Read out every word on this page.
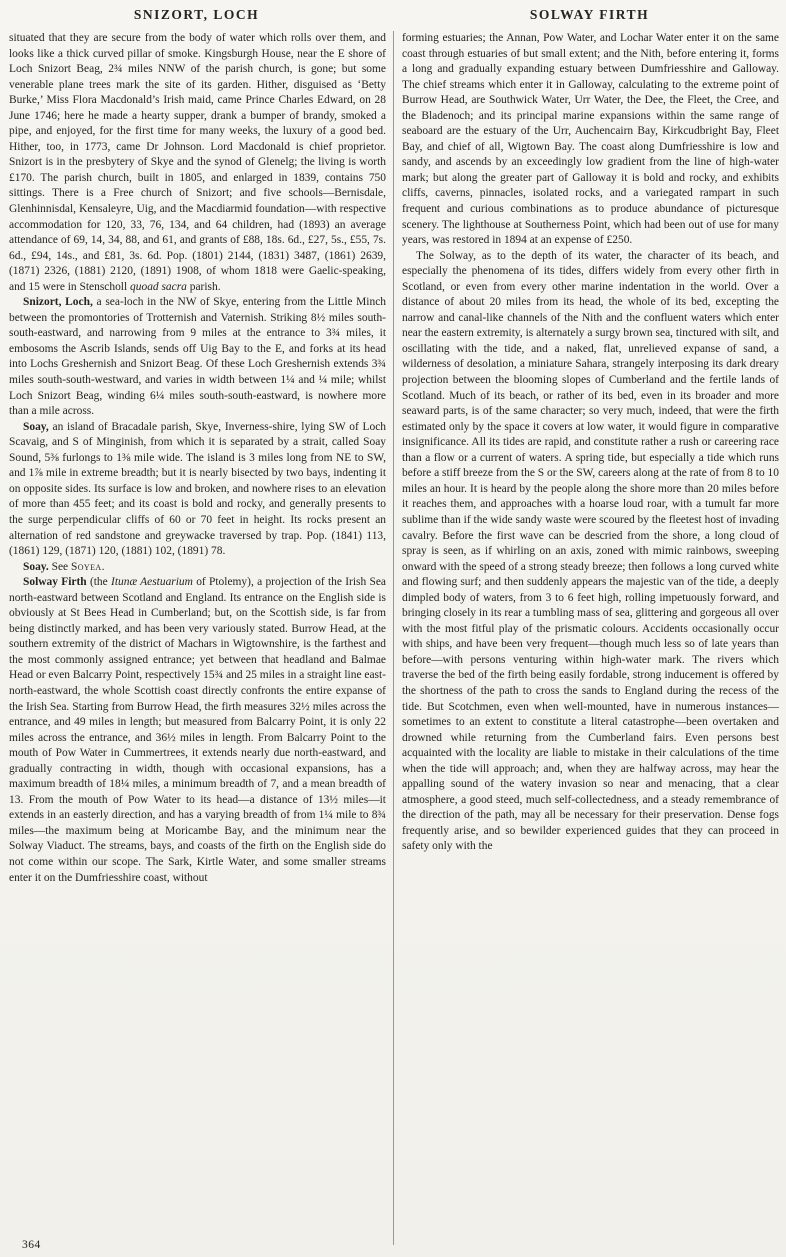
SNIZORT, LOCH	SOLWAY FIRTH

situated that they are secure from the body of water which rolls over them, and looks like a thick curved pillar of smoke. Kingsburgh House, near the E shore of Loch Snizort Beag, 2¾ miles NNW of the parish church, is gone; but some venerable plane trees mark the site of its garden. Hither, disguised as ‘Betty Burke,’ Miss Flora Macdonald’s Irish maid, came Prince Charles Edward, on 28 June 1746; here he made a hearty supper, drank a bumper of brandy, smoked a pipe, and enjoyed, for the first time for many weeks, the luxury of a good bed. Hither, too, in 1773, came Dr Johnson. Lord Macdonald is chief proprietor. Snizort is in the presbytery of Skye and the synod of Glenelg; the living is worth £170. The parish church, built in 1805, and enlarged in 1839, contains 750 sittings. There is a Free church of Snizort; and five schools—Bernisdale, Glenhinnisdal, Kensaleyre, Uig, and the Macdiarmid foundation—with respective accommodation for 120, 33, 76, 134, and 64 children, had (1893) an average attendance of 69, 14, 34, 88, and 61, and grants of £88, 18s. 6d., £27, 5s., £55, 7s. 6d., £94, 14s., and £81, 3s. 6d. Pop. (1801) 2144, (1831) 3487, (1861) 2639, (1871) 2326, (1881) 2120, (1891) 1908, of whom 1818 were Gaelic-speaking, and 15 were in Stenscholl quoad sacra parish.

Snizort, Loch, a sea-loch in the NW of Skye, entering from the Little Minch between the promontories of Trotternish and Vaternish. Striking 8½ miles south-south-eastward, and narrowing from 9 miles at the entrance to 3¾ miles, it embosoms the Ascrib Islands, sends off Uig Bay to the E, and forks at its head into Lochs Greshernish and Snizort Beag. Of these Loch Greshernish extends 3¾ miles south-south-westward, and varies in width between 1¼ and ¼ mile; whilst Loch Snizort Beag, winding 6¼ miles south-south-eastward, is nowhere more than a mile across.

Soay, an island of Bracadale parish, Skye, Inverness-shire, lying SW of Loch Scavaig, and S of Minginish, from which it is separated by a strait, called Soay Sound, 5⅜ furlongs to 1⅜ mile wide. The island is 3 miles long from NE to SW, and 1⅞ mile in extreme breadth; but it is nearly bisected by two bays, indenting it on opposite sides. Its surface is low and broken, and nowhere rises to an elevation of more than 455 feet; and its coast is bold and rocky, and generally presents to the surge perpendicular cliffs of 60 or 70 feet in height. Its rocks present an alternation of red sandstone and greywacke traversed by trap. Pop. (1841) 113, (1861) 129, (1871) 120, (1881) 102, (1891) 78.

Soay. See Soyea.

Solway Firth (the Itunæ Aestuarium of Ptolemy), a projection of the Irish Sea north-eastward between Scotland and England. Its entrance on the English side is obviously at St Bees Head in Cumberland; but, on the Scottish side, is far from being distinctly marked, and has been very variously stated. Burrow Head, at the southern extremity of the district of Machars in Wigtownshire, is the farthest and the most commonly assigned entrance; yet between that headland and Balmae Head or even Balcarry Point, respectively 15¾ and 25 miles in a straight line east-north-eastward, the whole Scottish coast directly confronts the entire expanse of the Irish Sea. Starting from Burrow Head, the firth measures 32½ miles across the entrance, and 49 miles in length; but measured from Balcarry Point, it is only 22 miles across the entrance, and 36½ miles in length. From Balcarry Point to the mouth of Pow Water in Cummertrees, it extends nearly due north-eastward, and gradually contracting in width, though with occasional expansions, has a maximum breadth of 18¼ miles, a minimum breadth of 7, and a mean breadth of 13. From the mouth of Pow Water to its head—a distance of 13½ miles—it extends in an easterly direction, and has a varying breadth of from 1¼ mile to 8¾ miles—the maximum being at Moricambe Bay, and the minimum near the Solway Viaduct. The streams, bays, and coasts of the firth on the English side do not come within our scope. The Sark, Kirtle Water, and some smaller streams enter it on the Dumfriesshire coast, without

forming estuaries; the Annan, Pow Water, and Lochar Water enter it on the same coast through estuaries of but small extent; and the Nith, before entering it, forms a long and gradually expanding estuary between Dumfriesshire and Galloway. The chief streams which enter it in Galloway, calculating to the extreme point of Burrow Head, are Southwick Water, Urr Water, the Dee, the Fleet, the Cree, and the Bladenoch; and its principal marine expansions within the same range of seaboard are the estuary of the Urr, Auchencairn Bay, Kirkcudbright Bay, Fleet Bay, and chief of all, Wigtown Bay. The coast along Dumfriesshire is low and sandy, and ascends by an exceedingly low gradient from the line of high-water mark; but along the greater part of Galloway it is bold and rocky, and exhibits cliffs, caverns, pinnacles, isolated rocks, and a variegated rampart in such frequent and curious combinations as to produce abundance of picturesque scenery. The lighthouse at Southerness Point, which had been out of use for many years, was restored in 1894 at an expense of £250.

The Solway, as to the depth of its water, the character of its beach, and especially the phenomena of its tides, differs widely from every other firth in Scotland, or even from every other marine indentation in the world. Over a distance of about 20 miles from its head, the whole of its bed, excepting the narrow and canal-like channels of the Nith and the confluent waters which enter near the eastern extremity, is alternately a surgy brown sea, tinctured with silt, and oscillating with the tide, and a naked, flat, unrelieved expanse of sand, a wilderness of desolation, a miniature Sahara, strangely interposing its dark dreary projection between the blooming slopes of Cumberland and the fertile lands of Scotland. Much of its beach, or rather of its bed, even in its broader and more seaward parts, is of the same character; so very much, indeed, that were the firth estimated only by the space it covers at low water, it would figure in comparative insignificance. All its tides are rapid, and constitute rather a rush or careering race than a flow or a current of waters. A spring tide, but especially a tide which runs before a stiff breeze from the S or the SW, careers along at the rate of from 8 to 10 miles an hour. It is heard by the people along the shore more than 20 miles before it reaches them, and approaches with a hoarse loud roar, with a tumult far more sublime than if the wide sandy waste were scoured by the fleetest host of invading cavalry. Before the first wave can be descried from the shore, a long cloud of spray is seen, as if whirling on an axis, zoned with mimic rainbows, sweeping onward with the speed of a strong steady breeze; then follows a long curved white and flowing surf; and then suddenly appears the majestic van of the tide, a deeply dimpled body of waters, from 3 to 6 feet high, rolling impetuously forward, and bringing closely in its rear a tumbling mass of sea, glittering and gorgeous all over with the most fitful play of the prismatic colours. Accidents occasionally occur with ships, and have been very frequent—though much less so of late years than before—with persons venturing within high-water mark. The rivers which traverse the bed of the firth being easily fordable, strong inducement is offered by the shortness of the path to cross the sands to England during the recess of the tide. But Scotchmen, even when well-mounted, have in numerous instances—sometimes to an extent to constitute a literal catastrophe—been overtaken and drowned while returning from the Cumberland fairs. Even persons best acquainted with the locality are liable to mistake in their calculations of the time when the tide will approach; and, when they are halfway across, may hear the appalling sound of the watery invasion so near and menacing, that a clear atmosphere, a good steed, much self-collectedness, and a steady remembrance of the direction of the path, may all be necessary for their preservation. Dense fogs frequently arise, and so bewilder experienced guides that they can proceed in safety only with the

364
